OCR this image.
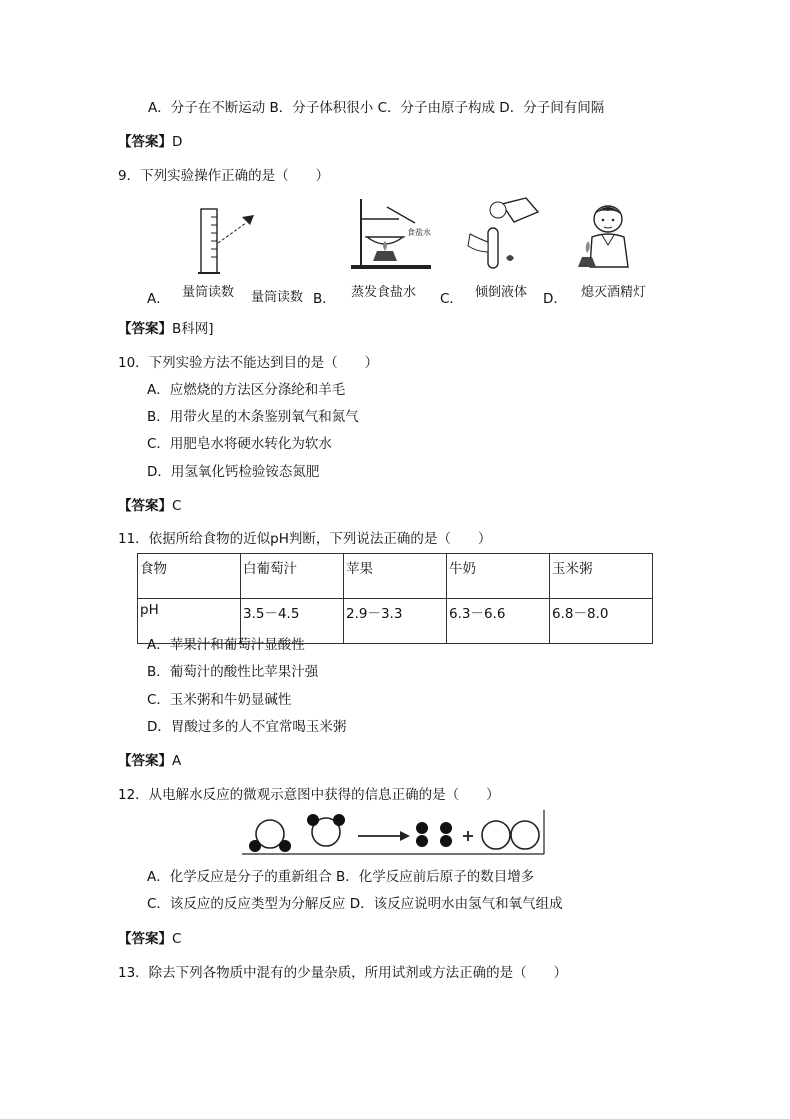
A．分子在不断运动 B．分子体积很小 C．分子由原子构成 D．分子间有间隔
【答案】D
9．下列实验操作正确的是（　　）
A． 量筒读数 量筒读数 B．
食盐水
蒸发食盐水 C． 倾倒液体 D． 熄灭酒精灯
【答案】B科网]
10．下列实验方法不能达到目的是（　　）
A．应燃烧的方法区分涤纶和羊毛
B．用带火星的木条鉴别氧气和氮气
C．用肥皂水将硬水转化为软水
D．用氢氧化钙检验铵态氮肥
【答案】C
11．依据所给食物的近似pH判断，下列说法正确的是（　　）
食物	白葡萄汁	苹果	牛奶	玉米粥
pH	3.5－4.5	2.9－3.3	6.3－6.6	6.8－8.0
A．苹果汁和葡萄汁显酸性
B．葡萄汁的酸性比苹果汁强
C．玉米粥和牛奶显碱性
D．胃酸过多的人不宜常喝玉米粥
【答案】A
12．从电解水反应的微观示意图中获得的信息正确的是（　　）
A．化学反应是分子的重新组合 B．化学反应前后原子的数目增多
C．该反应的反应类型为分解反应 D．该反应说明水由氢气和氧气组成
【答案】C
13．除去下列各物质中混有的少量杂质，所用试剂或方法正确的是（　　）
